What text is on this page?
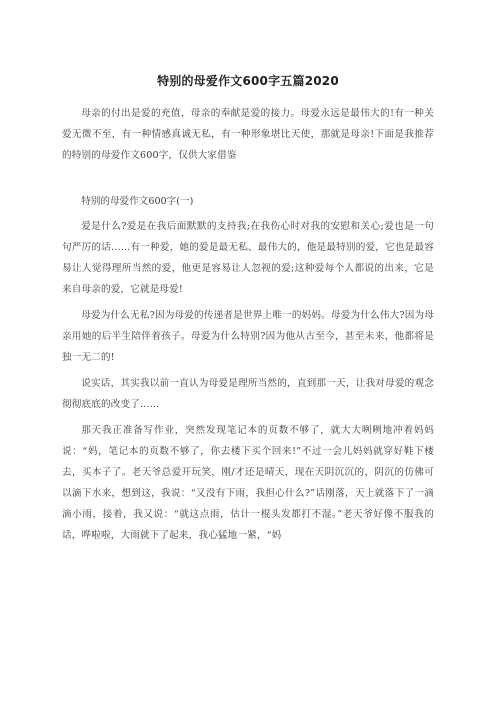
特别的母爱作文600字五篇2020

母亲的付出是爱的充值，母亲的奉献是爱的接力。母爱永远是最伟大的!有一种关爱无微不至，有一种情感真诚无私，有一种形象堪比天使，那就是母亲!下面是我推荐的特别的母爱作文600字，仅供大家借鉴

特别的母爱作文600字(一)

爱是什么?爱是在我后面默默的支持我;在我伤心时对我的安慰和关心;爱也是一句句严厉的话……有一种爱，她的爱是最无私、最伟大的，他是最特别的爱，它也是最容易让人觉得理所当然的爱，他更是容易让人忽视的爱;这种爱每个人都说的出来，它是来自母亲的爱，它就是母爱!

母爱为什么无私?因为母爱的传递者是世界上唯一的妈妈。母爱为什么伟大?因为母亲用她的后半生陪伴着孩子。母爱为什么特别?因为他从古至今，甚至未来，他都将是独一无二的!

说实话，其实我以前一直认为母爱是理所当然的，直到那一天，让我对母爱的观念彻彻底底的改变了……

那天我正准备写作业，突然发现笔记本的页数不够了，就大大咧咧地冲着妈妈说：“妈，笔记本的页数不够了，你去楼下买个回来!”不过一会儿妈妈就穿好鞋下楼去，买本子了。老天爷总爱开玩笑，刚/才还是晴天，现在天阴沉沉的，阴沉的仿佛可以滴下水来，想到这，我说：“又没有下雨，我担心什么?”话刚落，天上就落下了一滴滴小雨，接着，我又说：“就这点雨，估计一棍头发都打不湿。”老天爷好像不服我的话，哗啦啦，大雨就下了起来，我心猛地一紧，“妈
